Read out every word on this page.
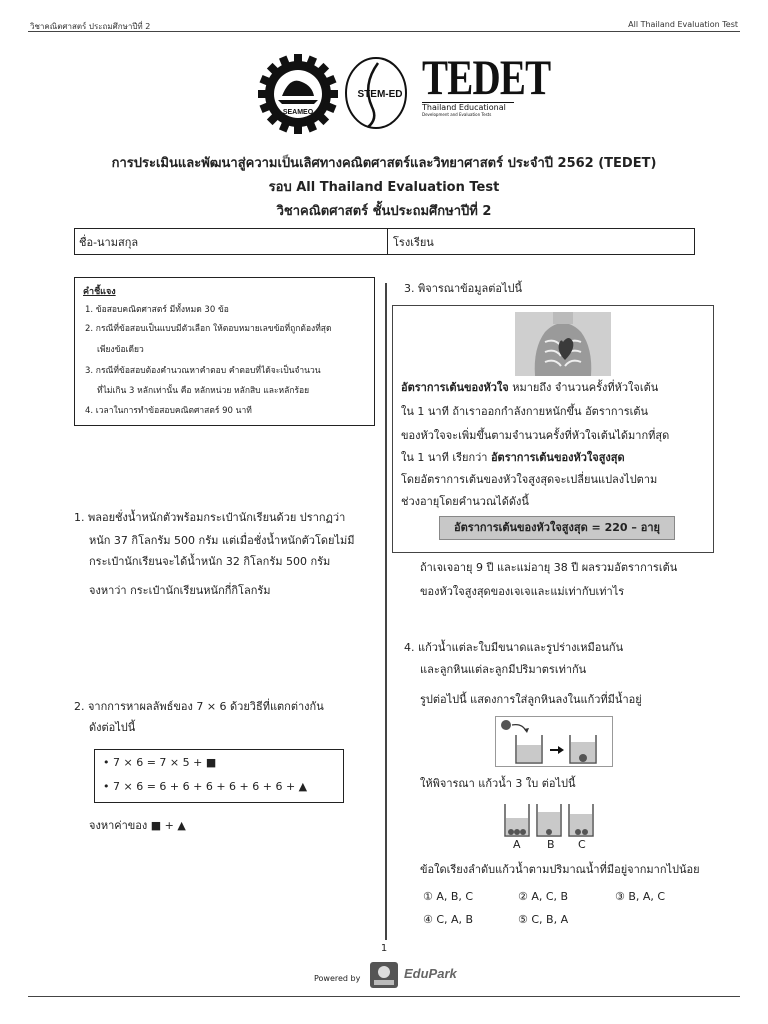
วิชาคณิตศาสตร์ ประถมศึกษาปีที่ 2	All Thailand Evaluation Test
SEAMEO
STEM-ED TEDET
Thailand Educational
Development and Evaluation Tests
การประเมินและพัฒนาสู่ความเป็นเลิศทางคณิตศาสตร์และวิทยาศาสตร์ ประจำปี 2562 (TEDET)
รอบ All Thailand Evaluation Test
วิชาคณิตศาสตร์ ชั้นประถมศึกษาปีที่ 2
ชื่อ-นามสกุล	โรงเรียน
คำชี้แจง
1. ข้อสอบคณิตศาสตร์ มีทั้งหมด 30 ข้อ
2. กรณีที่ข้อสอบเป็นแบบมีตัวเลือก ให้ตอบหมายเลขข้อที่ถูกต้องที่สุด
เพียงข้อเดียว
3. กรณีที่ข้อสอบต้องคำนวณหาคำตอบ คำตอบที่ได้จะเป็นจำนวน
ที่ไม่เกิน 3 หลักเท่านั้น คือ หลักหน่วย หลักสิบ และหลักร้อย
4. เวลาในการทำข้อสอบคณิตศาสตร์ 90 นาที
1. พลอยชั่งน้ำหนักตัวพร้อมกระเป๋านักเรียนด้วย ปรากฏว่า
หนัก 37 กิโลกรัม 500 กรัม แต่เมื่อชั่งน้ำหนักตัวโดยไม่มี
กระเป๋านักเรียนจะได้น้ำหนัก 32 กิโลกรัม 500 กรัม
จงหาว่า กระเป๋านักเรียนหนักกี่กิโลกรัม
2. จากการหาผลลัพธ์ของ 7 × 6 ด้วยวิธีที่แตกต่างกัน
ดังต่อไปนี้
• 7 × 6 = 7 × 5 + ■
• 7 × 6 = 6 + 6 + 6 + 6 + 6 + 6 + ▲
จงหาค่าของ ■ + ▲
3. พิจารณาข้อมูลต่อไปนี้
อัตราการเต้นของหัวใจ หมายถึง จำนวนครั้งที่หัวใจเต้น
ใน 1 นาที ถ้าเราออกกำลังกายหนักขึ้น อัตราการเต้น
ของหัวใจจะเพิ่มขึ้นตามจำนวนครั้งที่หัวใจเต้นได้มากที่สุด
ใน 1 นาที เรียกว่า อัตราการเต้นของหัวใจสูงสุด
โดยอัตราการเต้นของหัวใจสูงสุดจะเปลี่ยนแปลงไปตาม
ช่วงอายุโดยคำนวณได้ดังนี้
อัตราการเต้นของหัวใจสูงสุด = 220 – อายุ
ถ้าเจเจอายุ 9 ปี และแม่อายุ 38 ปี ผลรวมอัตราการเต้น
ของหัวใจสูงสุดของเจเจและแม่เท่ากับเท่าไร
4. แก้วน้ำแต่ละใบมีขนาดและรูปร่างเหมือนกัน
และลูกหินแต่ละลูกมีปริมาตรเท่ากัน
รูปต่อไปนี้ แสดงการใส่ลูกหินลงในแก้วที่มีน้ำอยู่
ให้พิจารณา แก้วน้ำ 3 ใบ ต่อไปนี้
A B C
ข้อใดเรียงลำดับแก้วน้ำตามปริมาณน้ำที่มีอยู่จากมากไปน้อย
① A, B, C	② A, C, B	③ B, A, C
④ C, A, B	⑤ C, B, A
1
Powered by	EduPark
